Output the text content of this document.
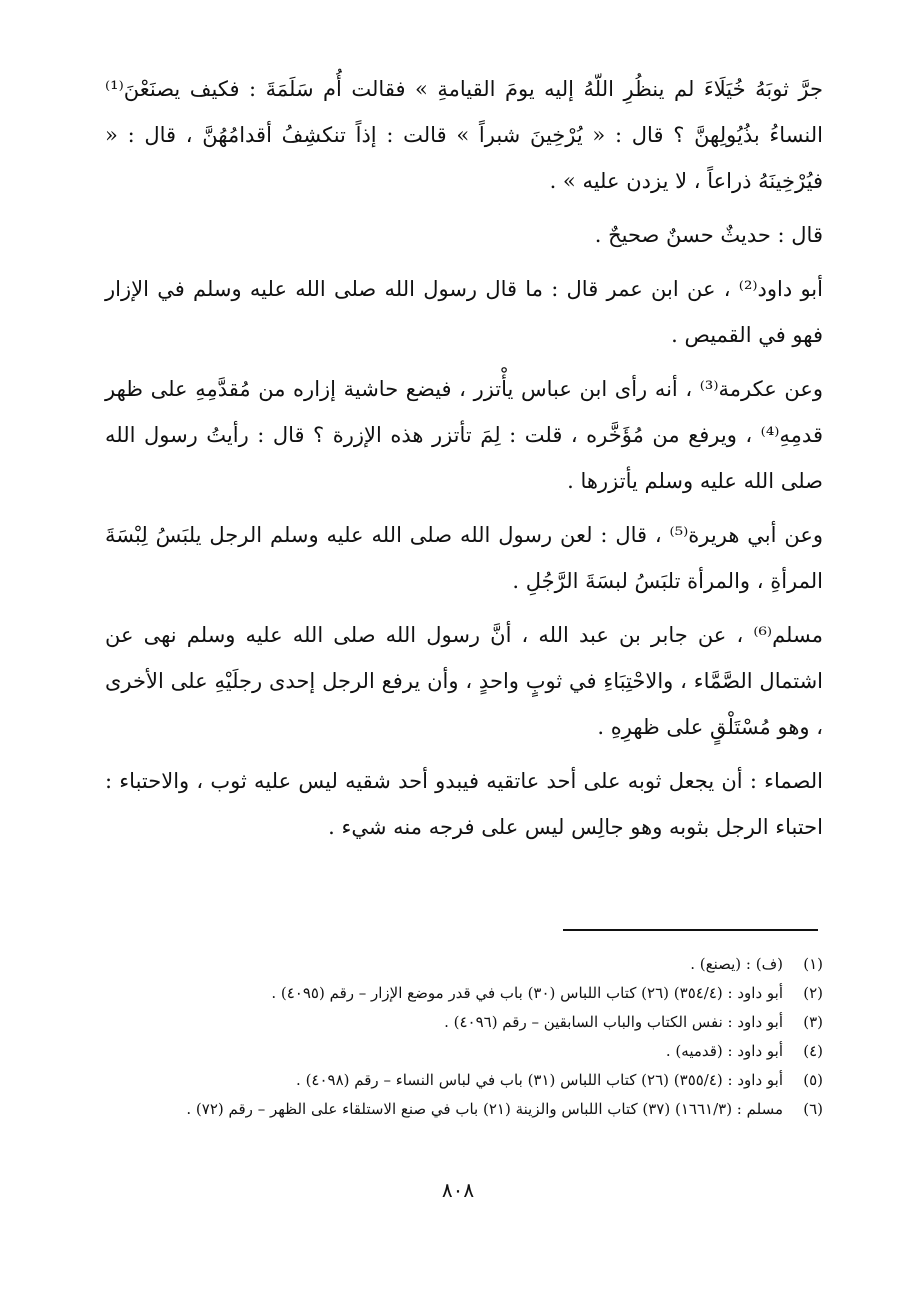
جرَّ ثوبَهُ خُيَلَاءَ لم ينظُرِ اللّهُ إليه يومَ القيامةِ » فقالت أُم سَلَمَةَ : فكيف يصنَعْنَ⁽¹⁾ النساءُ بذُيُولِهنَّ ؟ قال : « يُرْخِينَ شبراً » قالت : إذاً تنكشِفُ أقدامُهُنَّ ، قال : « فيُرْخِينَهُ ذراعاً ، لا يزدن عليه » .

قال : حديثٌ حسنٌ صحيحٌ .

أبو داود⁽²⁾ ، عن ابن عمر قال : ما قال رسول الله صلى الله عليه وسلم في الإزار فهو في القميص .

وعن عكرمة⁽³⁾ ، أنه رأى ابن عباس يأْتزر ، فيضع حاشية إزاره من مُقدَّمِهِ على ظهر قدمِهِ⁽⁴⁾ ، ويرفع من مُؤَخَّره ، قلت : لِمَ تأتزر هذه الإزرة ؟ قال : رأيتُ رسول الله صلى الله عليه وسلم يأتزرها .

وعن أبي هريرة⁽⁵⁾ ، قال : لعن رسول الله صلى الله عليه وسلم الرجل يلبَسُ لِبْسَةَ المرأةِ ، والمرأة تلبَسُ لبسَةَ الرَّجُلِ .

مسلم⁽⁶⁾ ، عن جابر بن عبد الله ، أنَّ رسول الله صلى الله عليه وسلم نهى عن اشتمال الصَّمَّاء ، والاحْتِبَاءِ في ثوبٍ واحدٍ ، وأن يرفع الرجل إحدى رجلَيْهِ على الأخرى ، وهو مُسْتَلْقٍ على ظهرِهِ .

الصماء : أن يجعل ثوبه على أحد عاتقيه فيبدو أحد شقيه ليس عليه ثوب ، والاحتباء : احتباء الرجل بثوبه وهو جالِس ليس على فرجه منه شيء .

(١)
(ف) : (يصنع) .
(٢)
أبو داود : (٣٥٤/٤) (٢٦) كتاب اللباس (٣٠) باب في قدر موضع الإزار – رقم (٤٠٩٥) .
(٣)
أبو داود : نفس الكتاب والباب السابقين – رقم (٤٠٩٦) .
(٤)
أبو داود : (قدميه) .
(٥)
أبو داود : (٣٥٥/٤) (٢٦) كتاب اللباس (٣١) باب في لباس النساء – رقم (٤٠٩٨) .
(٦)
مسلم : (١٦٦١/٣) (٣٧) كتاب اللباس والزينة (٢١) باب في صنع الاستلقاء على الظهر – رقم (٧٢) .
٨٠٨
